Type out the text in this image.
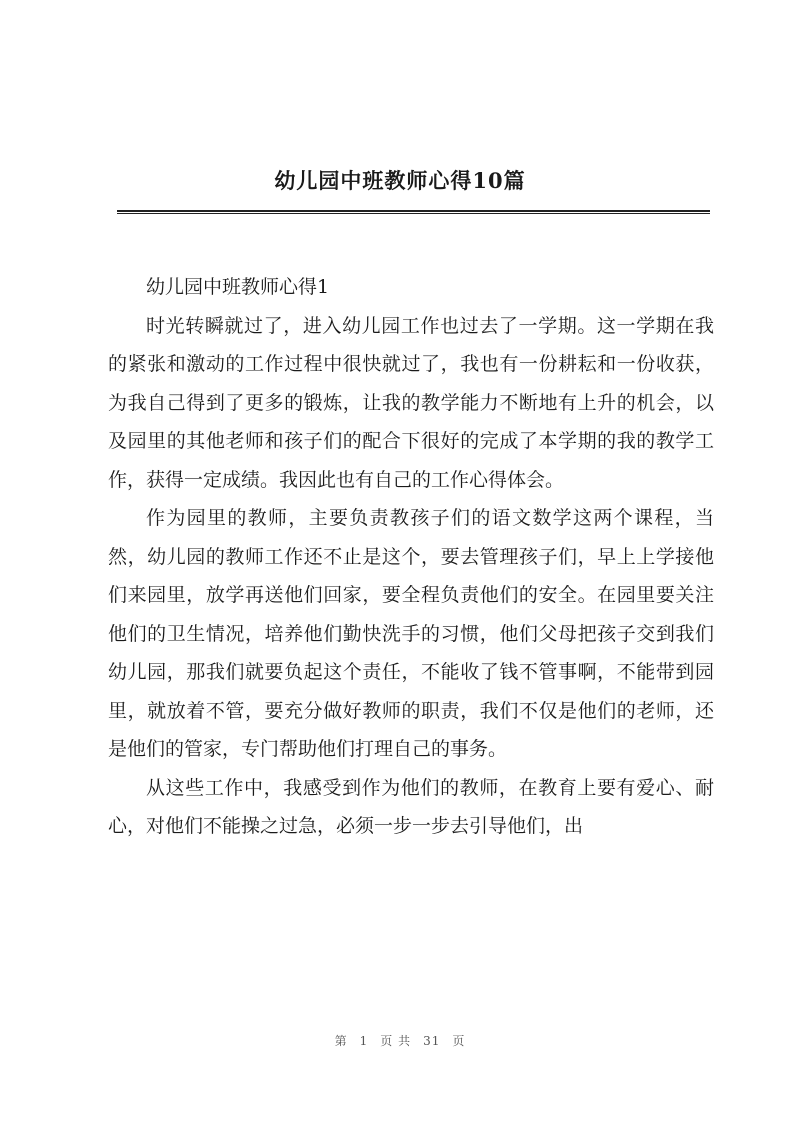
幼儿园中班教师心得10篇

幼儿园中班教师心得1

时光转瞬就过了，进入幼儿园工作也过去了一学期。这一学期在我的紧张和激动的工作过程中很快就过了，我也有一份耕耘和一份收获，为我自己得到了更多的锻炼，让我的教学能力不断地有上升的机会，以及园里的其他老师和孩子们的配合下很好的完成了本学期的我的教学工作，获得一定成绩。我因此也有自己的工作心得体会。

作为园里的教师，主要负责教孩子们的语文数学这两个课程，当然，幼儿园的教师工作还不止是这个，要去管理孩子们，早上上学接他们来园里，放学再送他们回家，要全程负责他们的安全。在园里要关注他们的卫生情况，培养他们勤快洗手的习惯，他们父母把孩子交到我们幼儿园，那我们就要负起这个责任，不能收了钱不管事啊，不能带到园里，就放着不管，要充分做好教师的职责，我们不仅是他们的老师，还是他们的管家，专门帮助他们打理自己的事务。

从这些工作中，我感受到作为他们的教师，在教育上要有爱心、耐心，对他们不能操之过急，必须一步一步去引导他们，出

第 1 页 共 31 页
